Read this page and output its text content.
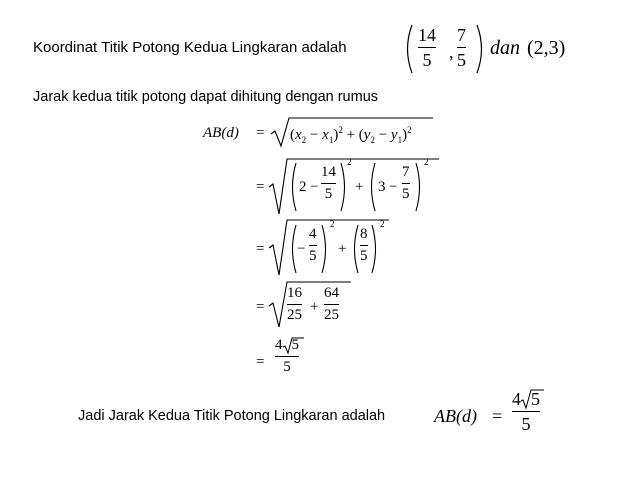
Koordinat Titik Potong Kedua Lingkaran adalah
14
5 ,
7
5
dan (2,3)
Jarak kedua titik potong dapat dihitung dengan rumus
$AB(d) = (x_2 - x_1)^2 + (y_2 - y_1)^2$
= 2 −
14
5
2
+ 3 −
7
5
2
= −
4
5
2
+
8
5
2
=
16
25 +
64
25
=
4 5
5
Jadi Jarak Kedua Titik Potong Lingkaran adalah	AB(d) =
4 5
5
